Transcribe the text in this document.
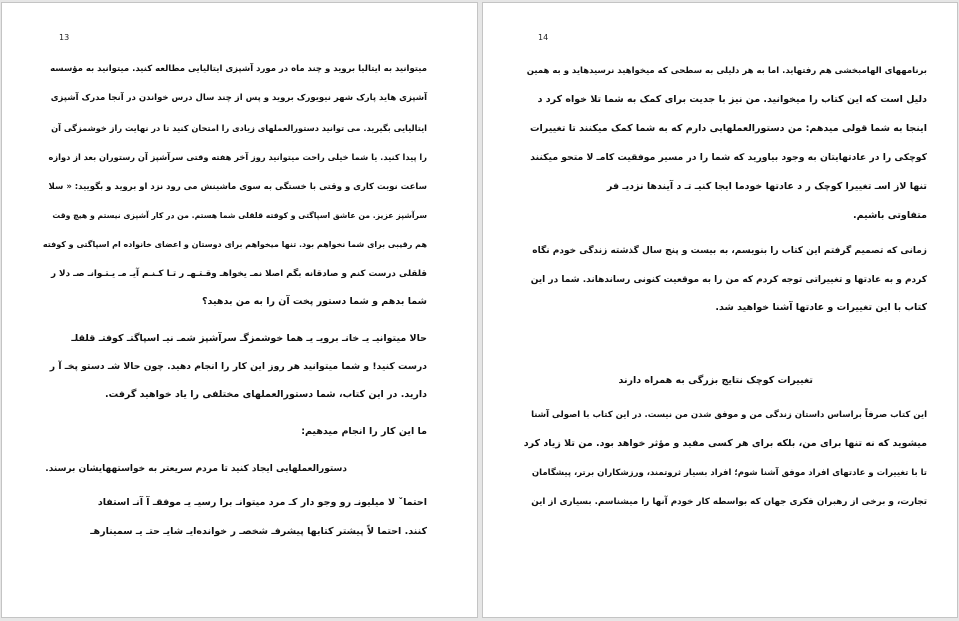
13
میتوانید به ایتالیا بروید و چند ماه در مورد آشپزی ایتالیایی مطالعه کنید. میتوانید به مؤسسه
آشپزی هاید پارک شهر نیویورک بروید و پس از چند سال درس خواندن در آنجا مدرک آشپزی
ایتالیایی بگیرید. می توانید دستورالعملهای زیادی را امتحان کنید تا در نهایت راز خوشمزگی آن
را پیدا کنید. یا شما خیلی راحت میتوانید روز آخر هفته وقتی سرآشپز آن رستوران بعد از دوازه
ساعت نوبت کاری و وقتی با خستگی به سوی ماشینش می رود نزد او بروید و بگویید: « سلا
سرآشپز عزیز. من عاشق اسپاگتی و کوفته قلقلی شما هستم. من در کار آشپزی نیستم و هیچ وقت
هم رقیبی برای شما نخواهم بود. تنها میخواهم برای دوستان و اعضای خانواده ام اسپاگتی و کوفته
قلقلی درست کنم و صادقانه بگم اصلا نمـ یخواهـ وقـتـهـ ر تـا کـنـم آیـ مـ یـتـوانـ صـ دلا ر
شما بدهم و شما دستور پخت آن را به من بدهید؟
حالا میتوانیـ یـ خانـ برویـ یـ هما خوشمزگـ سرآشپز شمـ نیـ اسپاگتـ کوفتـ قلقلـ
درست کنید! و شما میتوانید هر روز این کار را انجام دهید. چون حالا شـ دستو پخـ آ ر
دارید. در این کتاب، شما دستورالعملهای مختلفی را یاد خواهید گرفت.
ما این کار را انجام میدهیم:
دستورالعملهایی ایجاد کنید تا مردم سریعتر به خواستههایشان برسند.
احتماˇ لا میلیونـ رو وجو دار کـ مرد میتوانـ برا رسیـ یـ موفقـ آ آنـ استفاد
کنند. احتما لاً پیشتر کتابها پیشرفـ شخصـ ر خوانده‌ایـ شایـ حتـ یـ سمینارهـ
14
برنامههای الهامبخشی هم رفتهاید. اما به هر دلیلی به سطحی که میخواهید نرسیدهاید و به همین
دلیل است که این کتاب را میخوانید. من نیز با جدیت برای کمک به شما تلا خواه کرد د
اینجا به شما قولی میدهم: من دستورالعملهایی دارم که به شما کمک میکنند تا تغییرات
کوچکی را در عادتهایتان به وجود بیاورید که شما را در مسیر موفقیت کامـ لا متحو میکنند
تنها لاز اسـ تغییرا کوچک ر د عادتها خودما ایجا کنیـ تـ د آیندها نزدیـ فر
متفاوتی باشیم.
زمانی که تصمیم گرفتم این کتاب را بنویسم، به بیست و پنج سال گذشته زندگی خودم نگاه
کردم و به عادتها و تغییراتی توجه کردم که من را به موقعیت کنونی رساندهاند. شما در این
کتاب با این تغییرات و عادتها آشنا خواهید شد.
تغییرات کوچک نتایج بزرگی به همراه دارند
این کتاب صرفاً براساس داستان زندگی من و موفق شدن من نیست. در این کتاب با اصولی آشنا
میشوید که نه تنها برای من، بلکه برای هر کسی مفید و مؤثر خواهد بود. من تلا زیاد کرد
تا با تغییرات و عادتهای افراد موفق آشنا شوم؛ افراد بسیار ثروتمند، ورزشکاران برتر، پیشگامان
تجارت، و برخی از رهبران فکری جهان که بواسطه کار خودم آنها را میشناسم. بسیاری از این
